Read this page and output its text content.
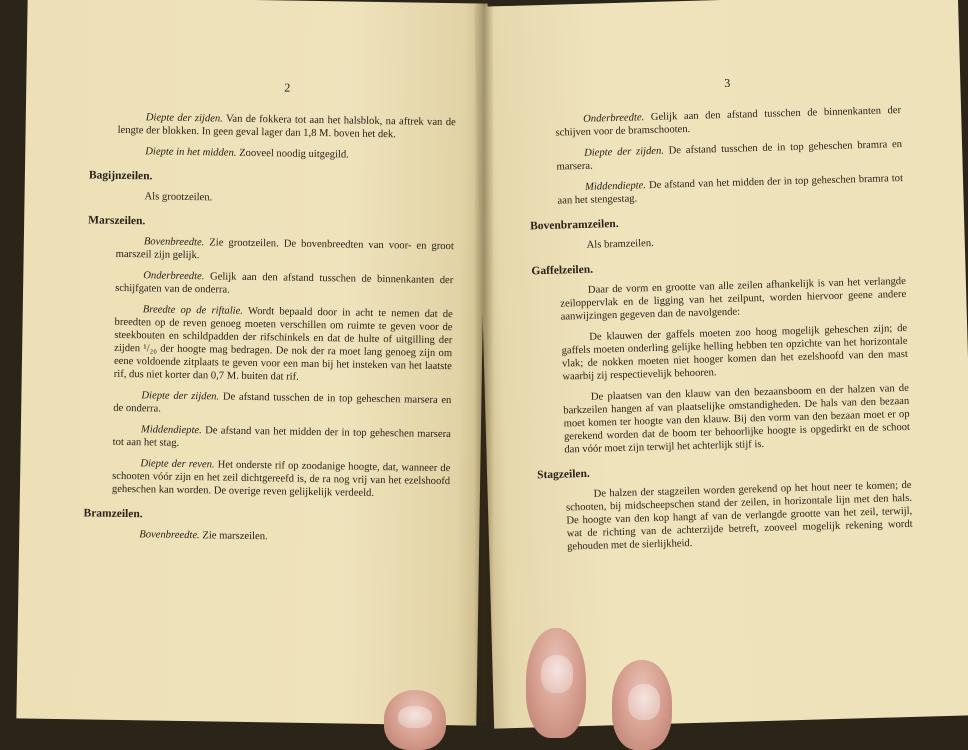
2

Diepte der zijden. Van de fokkera tot aan het halsblok, na aftrek van de lengte der blokken. In geen geval lager dan 1,8 M. boven het dek.

Diepte in het midden. Zooveel noodig uitgegild.

Bagijnzeilen.

Als grootzeilen.

Marszeilen.

Bovenbreedte. Zie grootzeilen. De bovenbreedten van voor- en groot marszeil zijn gelijk.

Onderbreedte. Gelijk aan den afstand tusschen de binnenkanten der schijfgaten van de onderra.

Breedte op de riftalie. Wordt bepaald door in acht te nemen dat de breedten op de reven genoeg moeten verschillen om ruimte te geven voor de steekbouten en schildpadden der rifschinkels en dat de hulte of uitgilling der zijden ¹/₂₀ der hoogte mag bedragen. De nok der ra moet lang genoeg zijn om eene voldoende zitplaats te geven voor een man bij het insteken van het laatste rif, dus niet korter dan 0,7 M. buiten dat rif.

Diepte der zijden. De afstand tusschen de in top geheschen marsera en de onderra.

Middendiepte. De afstand van het midden der in top geheschen marsera tot aan het stag.

Diepte der reven. Het onderste rif op zoodanige hoogte, dat, wanneer de schooten vóór zijn en het zeil dichtgereefd is, de ra nog vrij van het ezelshoofd geheschen kan worden. De overige reven gelijkelijk verdeeld.

Bramzeilen.

Bovenbreedte. Zie marszeilen.

3

Onderbreedte. Gelijk aan den afstand tusschen de binnenkanten der schijven voor de bramschooten.

Diepte der zijden. De afstand tusschen de in top geheschen bramra en marsera.

Middendiepte. De afstand van het midden der in top geheschen bramra tot aan het stengestag.

Bovenbramzeilen.

Als bramzeilen.

Gaffelzeilen.

Daar de vorm en grootte van alle zeilen afhankelijk is van het verlangde zeiloppervlak en de ligging van het zeilpunt, worden hiervoor geene andere aanwijzingen gegeven dan de navolgende:

De klauwen der gaffels moeten zoo hoog mogelijk geheschen zijn; de gaffels moeten onderling gelijke helling hebben ten opzichte van het horizontale vlak; de nokken moeten niet hooger komen dan het ezelshoofd van den mast waarbij zij respectievelijk behooren.

De plaatsen van den klauw van den bezaansboom en der halzen van de barkzeilen hangen af van plaatselijke omstandigheden. De hals van den bezaan moet komen ter hoogte van den klauw. Bij den vorm van den bezaan moet er op gerekend worden dat de boom ter behoorlijke hoogte is opgedirkt en de schoot dan vóór moet zijn terwijl het achterlijk stijf is.

Stagzeilen.

De halzen der stagzeilen worden gerekend op het hout neer te komen; de schooten, bij midscheepschen stand der zeilen, in horizontale lijn met den hals. De hoogte van den kop hangt af van de verlangde grootte van het zeil, terwijl, wat de richting van de achterzijde betreft, zooveel mogelijk rekening wordt gehouden met de sierlijkheid.
